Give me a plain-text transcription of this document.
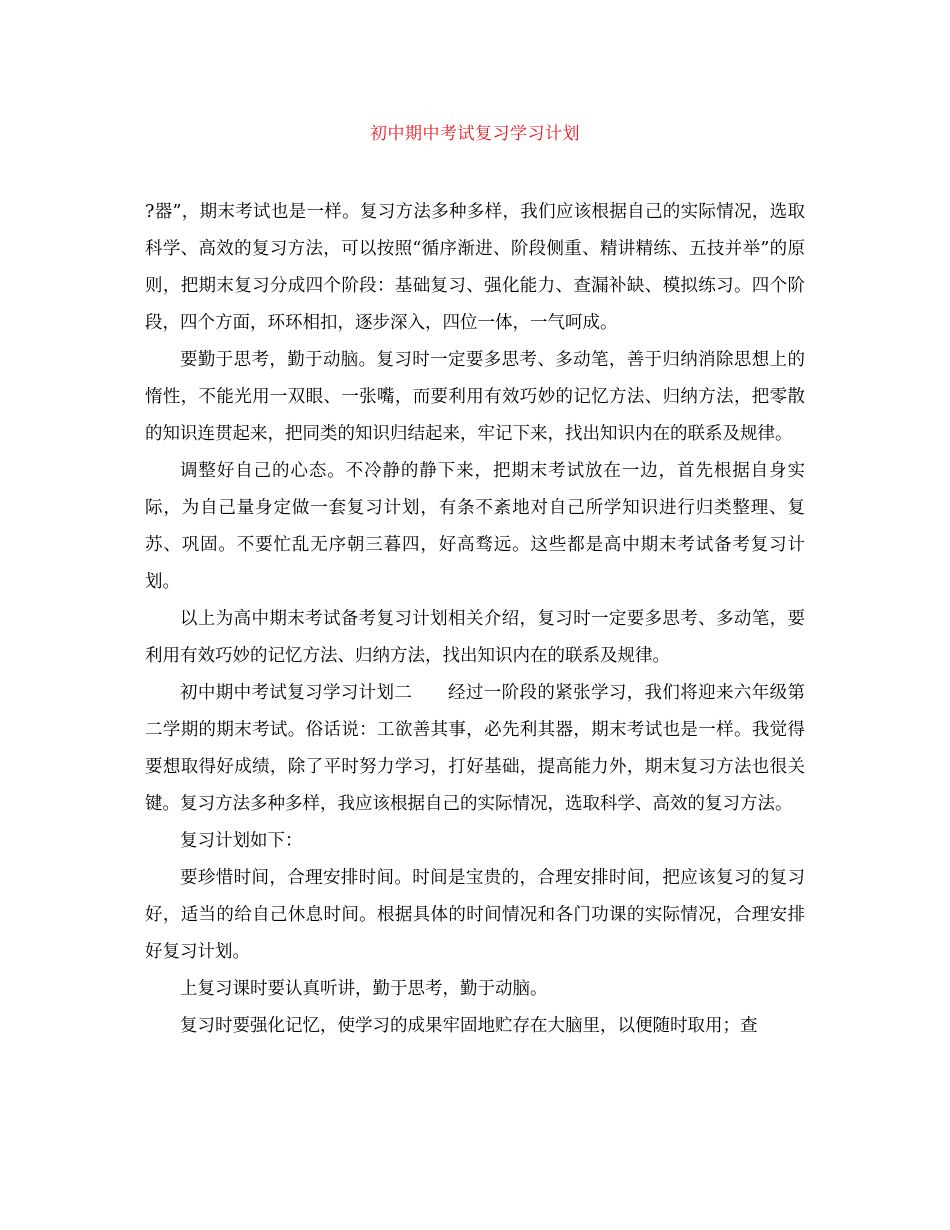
初中期中考试复习学习计划

?器”，期末考试也是一样。复习方法多种多样，我们应该根据自己的实际情况，选取科学、高效的复习方法，可以按照“循序渐进、阶段侧重、精讲精练、五技并举”的原则，把期末复习分成四个阶段：基础复习、强化能力、查漏补缺、模拟练习。四个阶段，四个方面，环环相扣，逐步深入，四位一体，一气呵成。

要勤于思考，勤于动脑。复习时一定要多思考、多动笔，善于归纳消除思想上的惰性，不能光用一双眼、一张嘴，而要利用有效巧妙的记忆方法、归纳方法，把零散的知识连贯起来，把同类的知识归结起来，牢记下来，找出知识内在的联系及规律。

调整好自己的心态。不冷静的静下来，把期末考试放在一边，首先根据自身实际，为自己量身定做一套复习计划，有条不紊地对自己所学知识进行归类整理、复苏、巩固。不要忙乱无序朝三暮四，好高骛远。这些都是高中期末考试备考复习计划。

以上为高中期末考试备考复习计划相关介绍，复习时一定要多思考、多动笔，要利用有效巧妙的记忆方法、归纳方法，找出知识内在的联系及规律。

初中期中考试复习学习计划二　　经过一阶段的紧张学习，我们将迎来六年级第二学期的期末考试。俗话说：工欲善其事，必先利其器，期末考试也是一样。我觉得要想取得好成绩，除了平时努力学习，打好基础，提高能力外，期末复习方法也很关键。复习方法多种多样，我应该根据自己的实际情况，选取科学、高效的复习方法。

复习计划如下：

要珍惜时间，合理安排时间。时间是宝贵的，合理安排时间，把应该复习的复习好，适当的给自己休息时间。根据具体的时间情况和各门功课的实际情况，合理安排好复习计划。

上复习课时要认真听讲，勤于思考，勤于动脑。

复习时要强化记忆，使学习的成果牢固地贮存在大脑里，以便随时取用；查
